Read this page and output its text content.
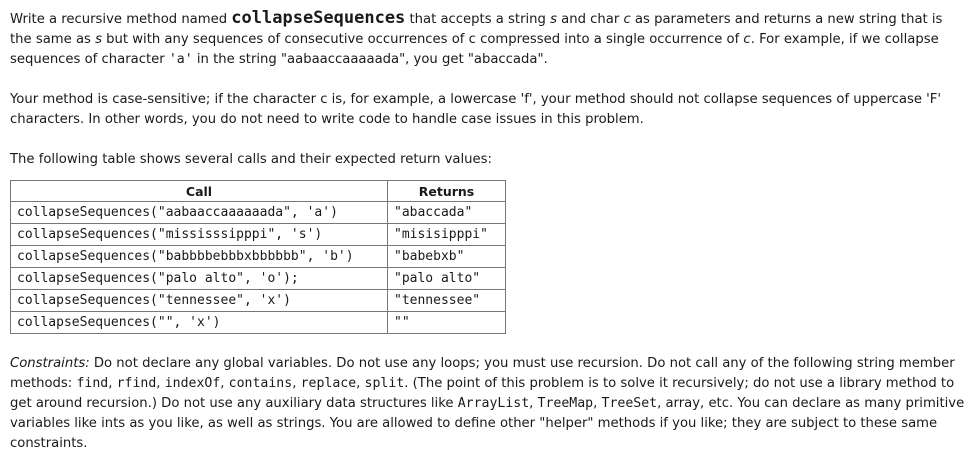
Write a recursive method named collapseSequences that accepts a string s and char c as parameters and returns a new string that is the same as s but with any sequences of consecutive occurrences of c compressed into a single occurrence of c. For example, if we collapse sequences of character 'a' in the string "aabaaccaaaaada", you get "abaccada".

Your method is case-sensitive; if the character c is, for example, a lowercase 'f', your method should not collapse sequences of uppercase 'F' characters. In other words, you do not need to write code to handle case issues in this problem.

The following table shows several calls and their expected return values:

Call	Returns
collapseSequences("aabaaccaaaaaada", 'a')	"abaccada"
collapseSequences("mississsipppi", 's')	"misisipppi"
collapseSequences("babbbbebbbxbbbbbb", 'b')	"babebxb"
collapseSequences("palo alto", 'o');	"palo alto"
collapseSequences("tennessee", 'x')	"tennessee"
collapseSequences("", 'x')	""

Constraints: Do not declare any global variables. Do not use any loops; you must use recursion. Do not call any of the following string member methods: find, rfind, indexOf, contains, replace, split. (The point of this problem is to solve it recursively; do not use a library method to get around recursion.) Do not use any auxiliary data structures like ArrayList, TreeMap, TreeSet, array, etc. You can declare as many primitive variables like ints as you like, as well as strings. You are allowed to define other "helper" methods if you like; they are subject to these same constraints.
